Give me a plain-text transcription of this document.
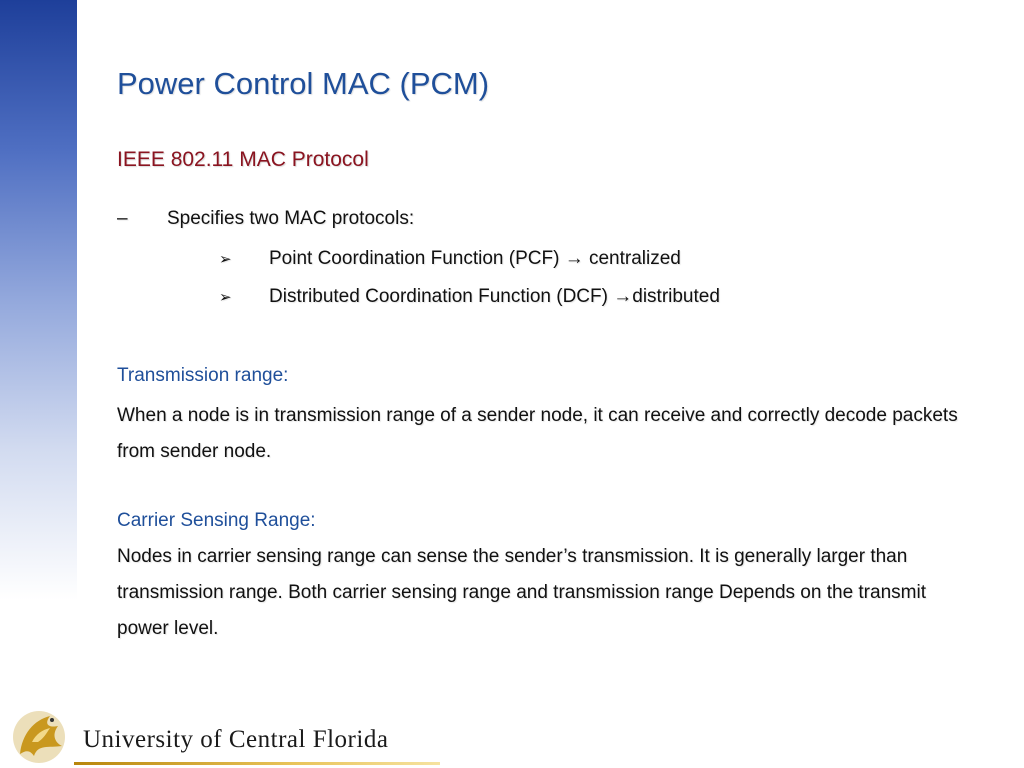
Power Control MAC (PCM)
IEEE 802.11 MAC Protocol
– Specifies two MAC protocols:
➢ Point Coordination Function (PCF) → centralized
➢ Distributed Coordination Function (DCF) →distributed
Transmission range:

When a node is in transmission range of a sender node, it can receive and correctly decode packets from sender node.

Carrier Sensing Range:

Nodes in carrier sensing range can sense the sender’s transmission. It is generally larger than transmission range. Both carrier sensing range and transmission range Depends on the transmit power level.

University of Central Florida
